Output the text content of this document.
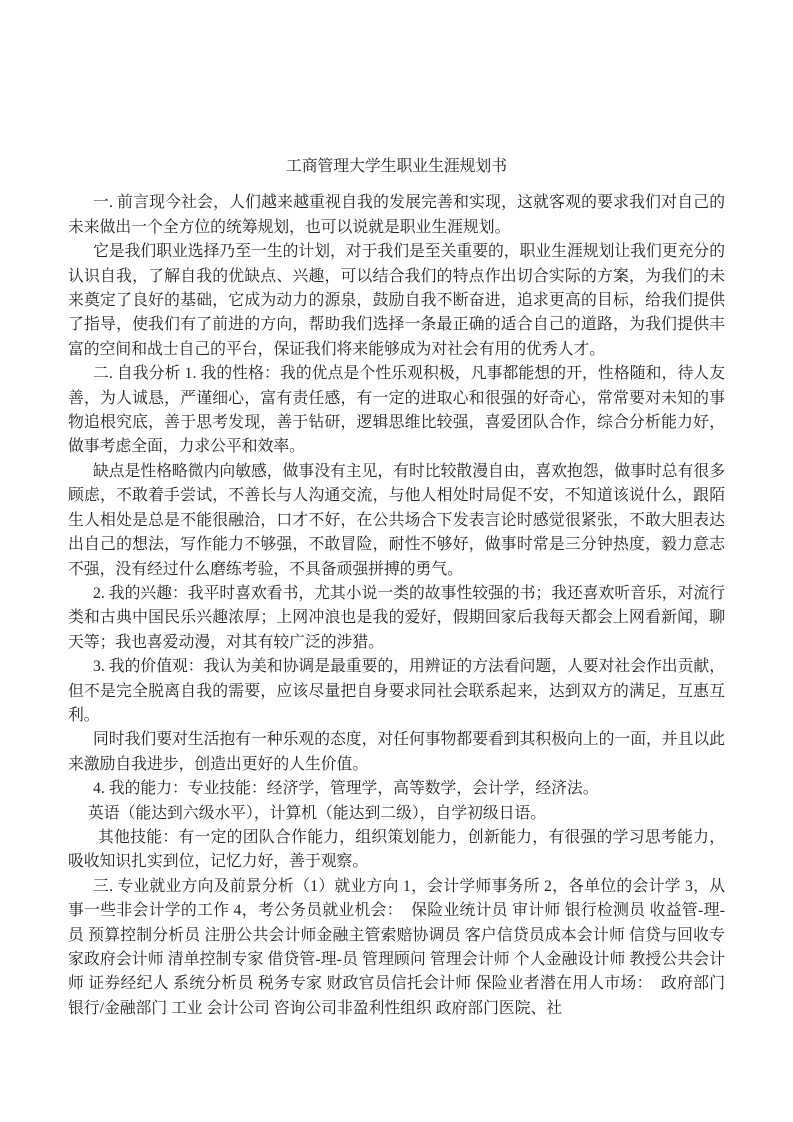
工商管理大学生职业生涯规划书

一. 前言现今社会，人们越来越重视自我的发展完善和实现，这就客观的要求我们对自己的未来做出一个全方位的统筹规划，也可以说就是职业生涯规划。

它是我们职业选择乃至一生的计划，对于我们是至关重要的，职业生涯规划让我们更充分的认识自我，了解自我的优缺点、兴趣，可以结合我们的特点作出切合实际的方案，为我们的未来奠定了良好的基础，它成为动力的源泉，鼓励自我不断奋进，追求更高的目标，给我们提供了指导，使我们有了前进的方向，帮助我们选择一条最正确的适合自己的道路，为我们提供丰富的空间和战士自己的平台，保证我们将来能够成为对社会有用的优秀人才。

二. 自我分析 1. 我的性格：我的优点是个性乐观积极，凡事都能想的开，性格随和，待人友善，为人诚恳，严谨细心，富有责任感，有一定的进取心和很强的好奇心，常常要对未知的事物追根究底，善于思考发现，善于钻研，逻辑思维比较强，喜爱团队合作，综合分析能力好，做事考虑全面，力求公平和效率。

缺点是性格略微内向敏感，做事没有主见，有时比较散漫自由，喜欢抱怨，做事时总有很多顾虑，不敢着手尝试，不善长与人沟通交流，与他人相处时局促不安，不知道该说什么，跟陌生人相处是总是不能很融洽，口才不好，在公共场合下发表言论时感觉很紧张，不敢大胆表达出自己的想法，写作能力不够强，不敢冒险，耐性不够好，做事时常是三分钟热度，毅力意志不强，没有经过什么磨练考验，不具备顽强拼搏的勇气。

2. 我的兴趣：我平时喜欢看书，尤其小说一类的故事性较强的书；我还喜欢听音乐，对流行类和古典中国民乐兴趣浓厚；上网冲浪也是我的爱好，假期回家后我每天都会上网看新闻，聊天等；我也喜爱动漫，对其有较广泛的涉猎。

3. 我的价值观：我认为美和协调是最重要的，用辨证的方法看问题，人要对社会作出贡献，但不是完全脱离自我的需要，应该尽量把自身要求同社会联系起来，达到双方的满足，互惠互利。

同时我们要对生活抱有一种乐观的态度，对任何事物都要看到其积极向上的一面，并且以此来激励自我进步，创造出更好的人生价值。

4. 我的能力：专业技能：经济学，管理学，高等数学，会计学，经济法。

英语（能达到六级水平），计算机（能达到二级），自学初级日语。

其他技能：有一定的团队合作能力，组织策划能力，创新能力，有很强的学习思考能力，吸收知识扎实到位，记忆力好，善于观察。

三. 专业就业方向及前景分析（1）就业方向 1，会计学师事务所 2，各单位的会计学 3，从事一些非会计学的工作 4，考公务员就业机会：　保险业统计员 审计师 银行检测员 收益管-理-员 预算控制分析员 注册公共会计师金融主管索赔协调员 客户信贷员成本会计师 信贷与回收专家政府会计师 清单控制专家 借贷管-理-员 管理顾问 管理会计师 个人金融设计师 教授公共会计师 证券经纪人 系统分析员 税务专家 财政官员信托会计师 保险业者潜在用人市场：　政府部门 银行/金融部门 工业 会计公司 咨询公司非盈利性组织 政府部门医院、社
